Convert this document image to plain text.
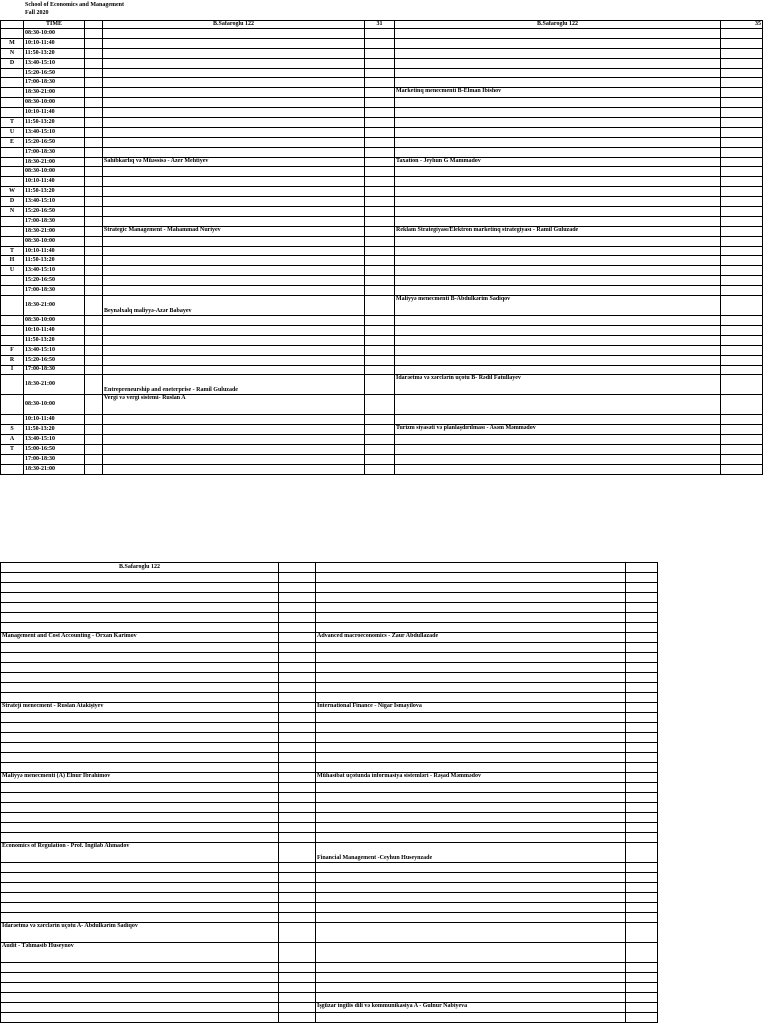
School of Economics and Management
Fall 2020
	TIME		B.Safaroglu 122	31	B.Safaroglu 122	35
	08:30-10:00					
M	10:10-11:40					
N	11:50-13:20					
D	13:40-15:10					
	15:20-16:50					
	17:00-18:30					
	18:30-21:00				Marketinq menecmenti B-Elman Ibishov	
	08:30-10:00					
	10:10-11:40					
T	11:50-13:20					
U	13:40-15:10					
E	15:20-16:50					
	17:00-18:30					
	18:30-21:00		Sahibkarlıq və Müəssisə - Azer Mehtiyev		Taxation - Jeyhun G Mammadov	
	08:30-10:00					
	10:10-11:40					
W	11:50-13:20					
D	13:40-15:10					
N	15:20-16:50					
	17:00-18:30					
	18:30-21:00		Strategic Management - Mahammad Nuriyev		Reklam Strategiyası/Elektron marketinq strategiyası - Ramil Guluzade	
	08:30-10:00					
T	10:10-11:40					
H	11:50-13:20					
U	13:40-15:10					
	15:20-16:50					
	17:00-18:30					
	18:30-21:00		Beynəlxalq maliyyə-Azər Babayev		Maliyyə menecmenti B-Abdulkərim Sadiqov	
	08:30-10:00					
	10:10-11:40					
	11:50-13:20					
F	13:40-15:10					
R	15:20-16:50					
I	17:00-18:30					
	18:30-21:00		Entrepreneurship and eneterprise - Ramil Guluzade		Idarəetmə və xərclərin uçotu B- Rədil Fatullayev	
	08:30-10:00		Vergi və vergi sistemi- Ruslan A			
	10:10-11:40					
S	11:50-13:20				Turizm siyasəti və planlaşdırılması - Asəm Məmmədov	
A	13:40-15:10					
T	15:00-16:50					
	17:00-18:30					
	18:30-21:00					
B.Safaroglu 122			

Management and Cost Accounting - Orxan Karimov		Advanced macroeconomics - Zaur Abdullazade	

Strateji menecment - Ruslan Atakişiyev		International Finance - Nigar Ismayilova	

Maliyyə menecmenti (A) Elnur İbrahimov		Mühasibat uçotunda informasiya sistemləri - Rəşad Məmmədov	

Economics of Regulation - Prof. Ingilab Ahmadov		Financial Management -Ceyhun Huseynzade	

Idarəetmə və xərclərin uçotu A- Abdulkərim Sadiqov			
Audit - Təhmasib Huseynov			

		İşgüzar ingilis dili və kommunikasiya A - Gulnur Nabiyeva	
